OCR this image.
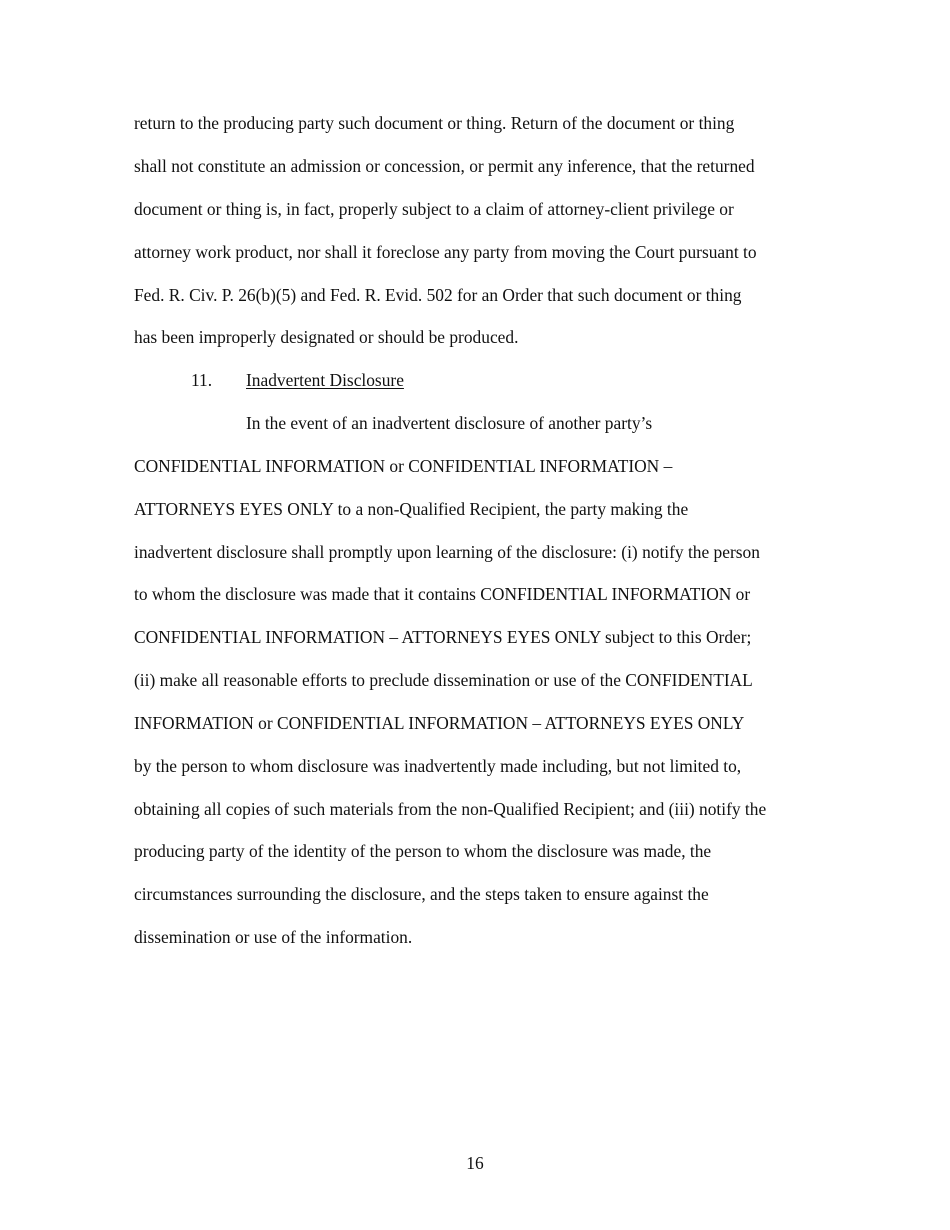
return to the producing party such document or thing. Return of the document or thing
shall not constitute an admission or concession, or permit any inference, that the returned
document or thing is, in fact, properly subject to a claim of attorney-client privilege or
attorney work product, nor shall it foreclose any party from moving the Court pursuant to
Fed. R. Civ. P. 26(b)(5) and Fed. R. Evid. 502 for an Order that such document or thing
has been improperly designated or should be produced.
11. Inadvertent Disclosure
In the event of an inadvertent disclosure of another party’s
CONFIDENTIAL INFORMATION or CONFIDENTIAL INFORMATION –
ATTORNEYS EYES ONLY to a non-Qualified Recipient, the party making the
inadvertent disclosure shall promptly upon learning of the disclosure: (i) notify the person
to whom the disclosure was made that it contains CONFIDENTIAL INFORMATION or
CONFIDENTIAL INFORMATION – ATTORNEYS EYES ONLY subject to this Order;
(ii) make all reasonable efforts to preclude dissemination or use of the CONFIDENTIAL
INFORMATION or CONFIDENTIAL INFORMATION – ATTORNEYS EYES ONLY
by the person to whom disclosure was inadvertently made including, but not limited to,
obtaining all copies of such materials from the non-Qualified Recipient; and (iii) notify the
producing party of the identity of the person to whom the disclosure was made, the
circumstances surrounding the disclosure, and the steps taken to ensure against the
dissemination or use of the information.
16
